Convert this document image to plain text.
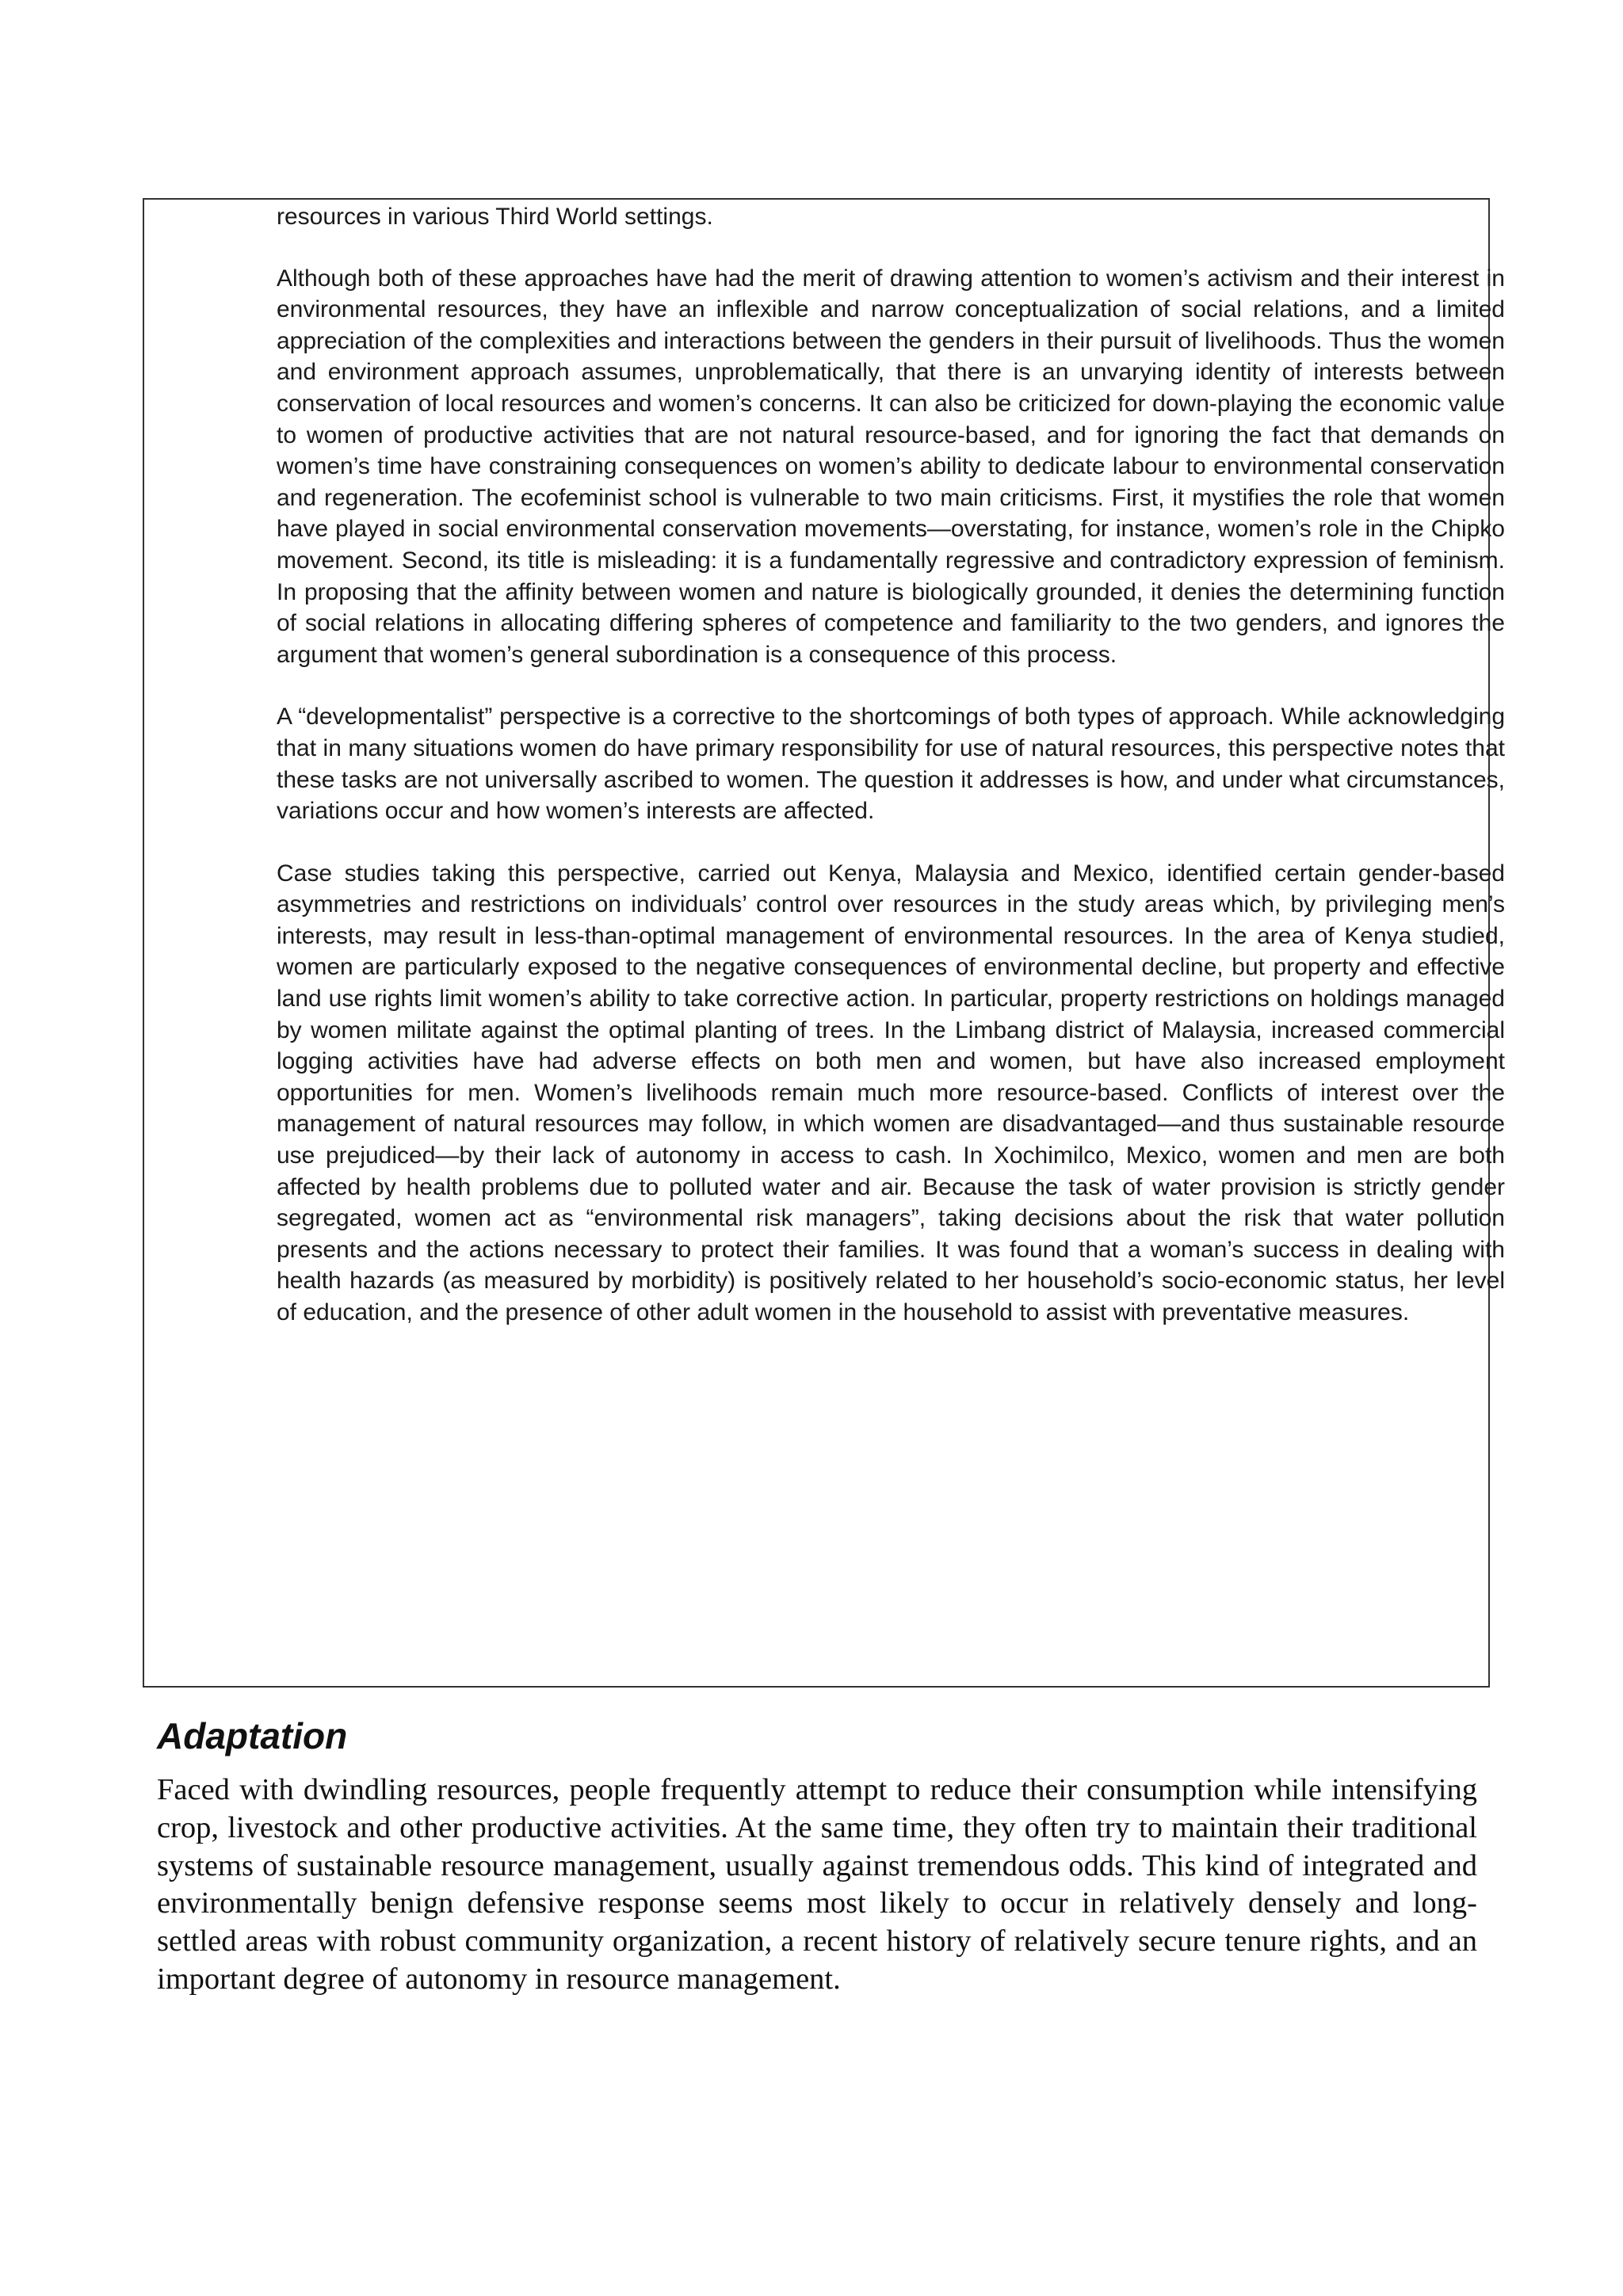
resources in various Third World settings.

Although both of these approaches have had the merit of drawing attention to women’s activism and their interest in environmental resources, they have an inflexible and narrow conceptualization of social relations, and a limited appreciation of the complexities and interactions between the genders in their pursuit of livelihoods. Thus the women and environment approach assumes, unproblematically, that there is an unvarying identity of interests between conservation of local resources and women’s concerns. It can also be criticized for down-playing the economic value to women of productive activities that are not natural resource-based, and for ignoring the fact that demands on women’s time have constraining consequences on women’s ability to dedicate labour to environmental conservation and regeneration. The ecofeminist school is vulnerable to two main criticisms. First, it mystifies the role that women have played in social environmental conservation movements—overstating, for instance, women’s role in the Chipko movement. Second, its title is misleading: it is a fundamentally regressive and contradictory expression of feminism. In proposing that the affinity between women and nature is biologically grounded, it denies the determining function of social relations in allocating differing spheres of competence and familiarity to the two genders, and ignores the argument that women’s general subordination is a consequence of this process.

A “developmentalist” perspective is a corrective to the shortcomings of both types of approach. While acknowledging that in many situations women do have primary responsibility for use of natural resources, this perspective notes that these tasks are not universally ascribed to women. The question it addresses is how, and under what circumstances, variations occur and how women’s interests are affected.

Case studies taking this perspective, carried out Kenya, Malaysia and Mexico, identified certain gender-based asymmetries and restrictions on individuals’ control over resources in the study areas which, by privileging men’s interests, may result in less-than-optimal management of environmental resources. In the area of Kenya studied, women are particularly exposed to the negative consequences of environmental decline, but property and effective land use rights limit women’s ability to take corrective action. In particular, property restrictions on holdings managed by women militate against the optimal planting of trees. In the Limbang district of Malaysia, increased commercial logging activities have had adverse effects on both men and women, but have also increased employment opportunities for men. Women’s livelihoods remain much more resource-based. Conflicts of interest over the management of natural resources may follow, in which women are disadvantaged—and thus sustainable resource use prejudiced—by their lack of autonomy in access to cash. In Xochimilco, Mexico, women and men are both affected by health problems due to polluted water and air. Because the task of water provision is strictly gender segregated, women act as “environmental risk managers”, taking decisions about the risk that water pollution presents and the actions necessary to protect their families. It was found that a woman’s success in dealing with health hazards (as measured by morbidity) is positively related to her household’s socio-economic status, her level of education, and the presence of other adult women in the household to assist with preventative measures.

Adaptation

Faced with dwindling resources, people frequently attempt to reduce their consumption while intensifying crop, livestock and other productive activities. At the same time, they often try to maintain their traditional systems of sustainable resource management, usually against tremendous odds. This kind of integrated and environmentally benign defensive response seems most likely to occur in relatively densely and long-settled areas with robust community organization, a recent history of relatively secure tenure rights, and an important degree of autonomy in resource management.
